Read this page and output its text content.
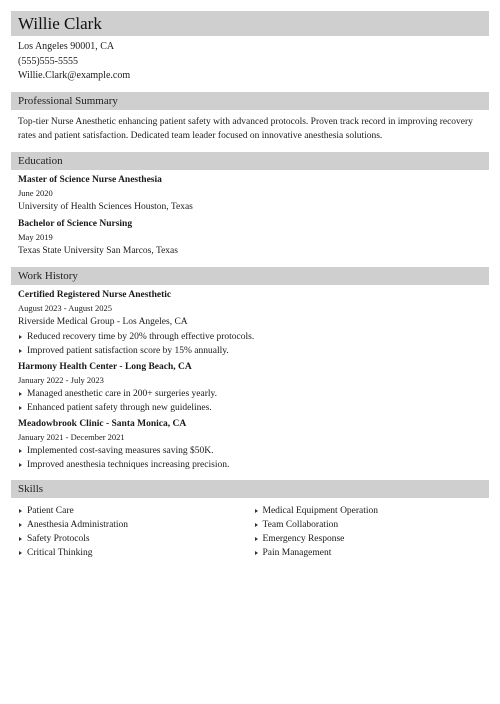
Willie Clark
Los Angeles 90001, CA
(555)555-5555
Willie.Clark@example.com
Professional Summary
Top-tier Nurse Anesthetic enhancing patient safety with advanced protocols. Proven track record in improving recovery rates and patient satisfaction. Dedicated team leader focused on innovative anesthesia solutions.
Education
Master of Science Nurse Anesthesia
June 2020
University of Health Sciences Houston, Texas
Bachelor of Science Nursing
May 2019
Texas State University San Marcos, Texas
Work History
Certified Registered Nurse Anesthetic
August 2023 - August 2025
Riverside Medical Group - Los Angeles, CA
Reduced recovery time by 20% through effective protocols.
Improved patient satisfaction score by 15% annually.
Harmony Health Center - Long Beach, CA
January 2022 - July 2023
Managed anesthetic care in 200+ surgeries yearly.
Enhanced patient safety through new guidelines.
Meadowbrook Clinic - Santa Monica, CA
January 2021 - December 2021
Implemented cost-saving measures saving $50K.
Improved anesthesia techniques increasing precision.
Skills
Patient Care
Anesthesia Administration
Safety Protocols
Critical Thinking
Medical Equipment Operation
Team Collaboration
Emergency Response
Pain Management
